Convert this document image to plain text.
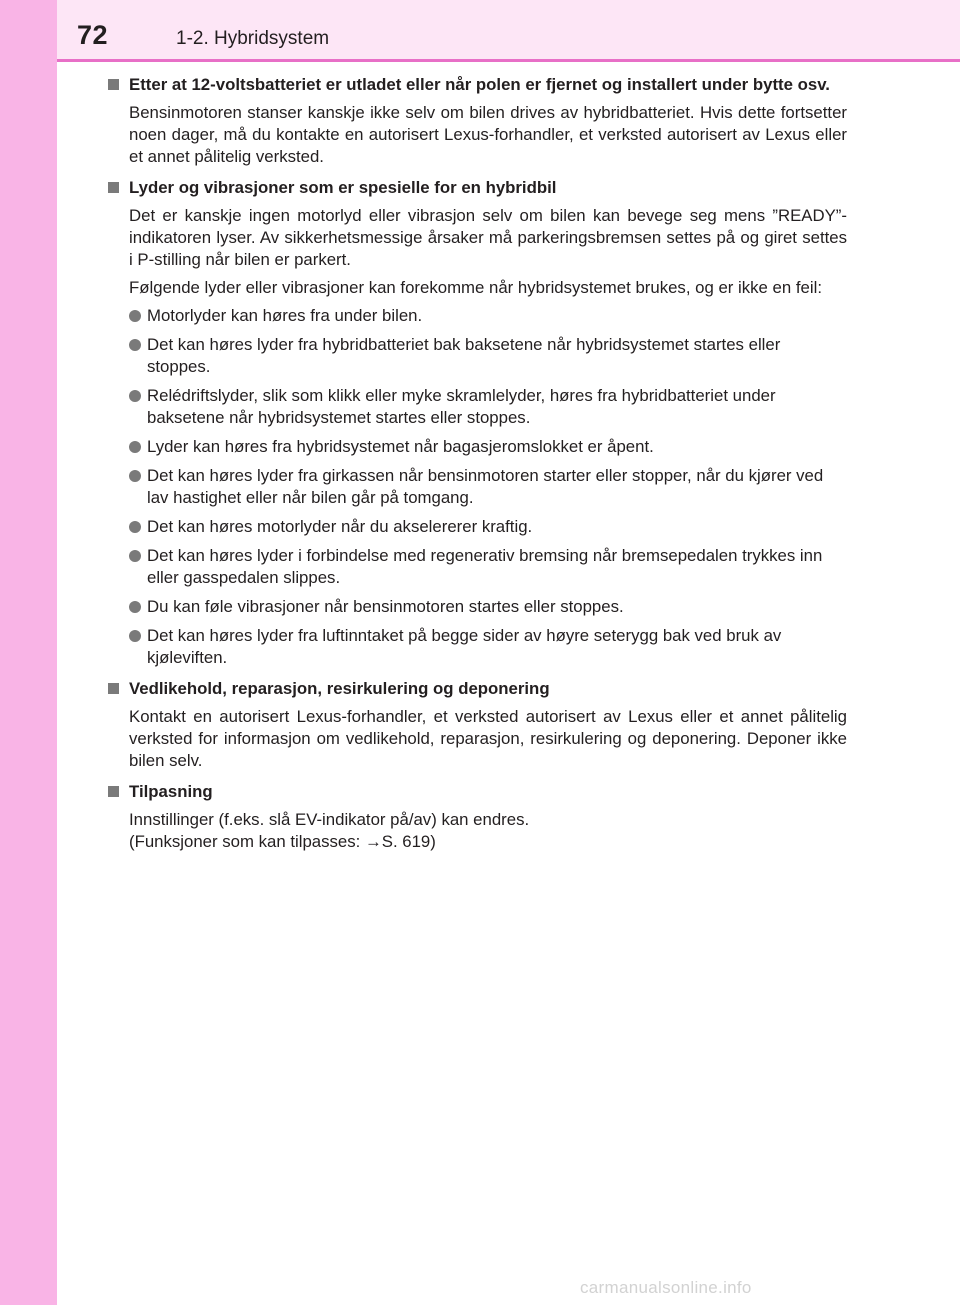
72	1-2. Hybridsystem
Etter at 12-voltsbatteriet er utladet eller når polen er fjernet og installert under bytte osv.

Bensinmotoren stanser kanskje ikke selv om bilen drives av hybridbatteriet. Hvis dette fortsetter noen dager, må du kontakte en autorisert Lexus-forhandler, et verksted autorisert av Lexus eller et annet pålitelig verksted.

Lyder og vibrasjoner som er spesielle for en hybridbil

Det er kanskje ingen motorlyd eller vibrasjon selv om bilen kan bevege seg mens ”READY”-indikatoren lyser. Av sikkerhetsmessige årsaker må parkeringsbremsen settes på og giret settes i P-stilling når bilen er parkert.

Følgende lyder eller vibrasjoner kan forekomme når hybridsystemet brukes, og er ikke en feil:

Motorlyder kan høres fra under bilen.
Det kan høres lyder fra hybridbatteriet bak baksetene når hybridsystemet startes eller stoppes.
Relédriftslyder, slik som klikk eller myke skramlelyder, høres fra hybridbatteriet under baksetene når hybridsystemet startes eller stoppes.
Lyder kan høres fra hybridsystemet når bagasjeromslokket er åpent.
Det kan høres lyder fra girkassen når bensinmotoren starter eller stopper, når du kjører ved lav hastighet eller når bilen går på tomgang.
Det kan høres motorlyder når du akselererer kraftig.
Det kan høres lyder i forbindelse med regenerativ bremsing når bremsepedalen trykkes inn eller gasspedalen slippes.
Du kan føle vibrasjoner når bensinmotoren startes eller stoppes.
Det kan høres lyder fra luftinntaket på begge sider av høyre seterygg bak ved bruk av kjøleviften.
Vedlikehold, reparasjon, resirkulering og deponering

Kontakt en autorisert Lexus-forhandler, et verksted autorisert av Lexus eller et annet pålitelig verksted for informasjon om vedlikehold, reparasjon, resirkulering og deponering. Deponer ikke bilen selv.

Tilpasning

Innstillinger (f.eks. slå EV-indikator på/av) kan endres.

(Funksjoner som kan tilpasses: →S. 619)

carmanualsonline.info
